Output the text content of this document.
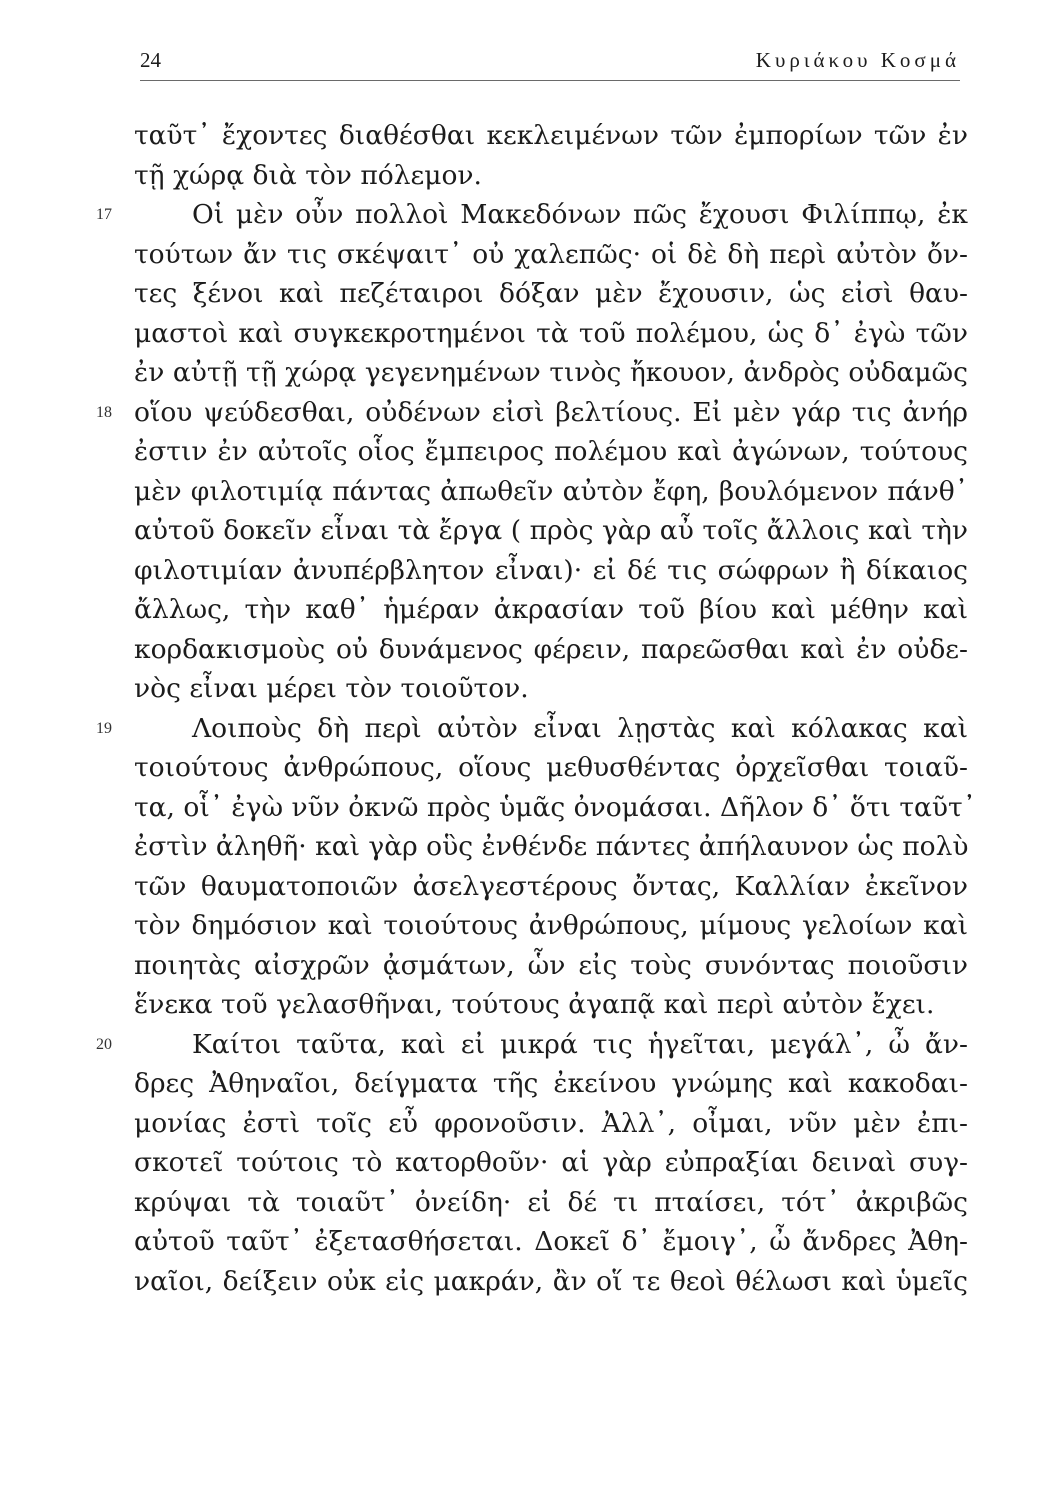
24	Κυριάκου Κοσμά
ταῦτ᾽ ἔχοντες διαθέσθαι κεκλειμένων τῶν ἐμπορίων τῶν ἐν
τῇ χώρᾳ διὰ τὸν πόλεμον.
17	Οἱ μὲν οὖν πολλοὶ Μακεδόνων πῶς ἔχουσι Φιλίππῳ, ἐκ
τούτων ἄν τις σκέψαιτ᾽ οὐ χαλεπῶς· οἱ δὲ δὴ περὶ αὐτὸν ὄν-
τες ξένοι καὶ πεζέταιροι δόξαν μὲν ἔχουσιν, ὡς εἰσὶ θαυ-
μαστοὶ καὶ συγκεκροτημένοι τὰ τοῦ πολέμου, ὡς δ᾽ ἐγὼ τῶν
ἐν αὐτῇ τῇ χώρᾳ γεγενημένων τινὸς ἤκουον, ἀνδρὸς οὐδαμῶς
18 οἵου ψεύδεσθαι, οὐδένων εἰσὶ βελτίους. Εἰ μὲν γάρ τις ἀνήρ
ἐστιν ἐν αὐτοῖς οἷος ἔμπειρος πολέμου καὶ ἀγώνων, τούτους
μὲν φιλοτιμίᾳ πάντας ἀπωθεῖν αὐτὸν ἔφη, βουλόμενον πάνθ᾽
αὐτοῦ δοκεῖν εἶναι τὰ ἔργα ( πρὸς γὰρ αὖ τοῖς ἄλλοις καὶ τὴν
φιλοτιμίαν ἀνυπέρβλητον εἶναι)· εἰ δέ τις σώφρων ἢ δίκαιος
ἄλλως, τὴν καθ᾽ ἡμέραν ἀκρασίαν τοῦ βίου καὶ μέθην καὶ
κορδακισμοὺς οὐ δυνάμενος φέρειν, παρεῶσθαι καὶ ἐν οὐδε-
νὸς εἶναι μέρει τὸν τοιοῦτον.
19	Λοιποὺς δὴ περὶ αὐτὸν εἶναι λῃστὰς καὶ κόλακας καὶ
τοιούτους ἀνθρώπους, οἵους μεθυσθέντας ὀρχεῖσθαι τοιαῦ-
τα, οἷ᾽ ἐγὼ νῦν ὀκνῶ πρὸς ὑμᾶς ὀνομάσαι. Δῆλον δ᾽ ὅτι ταῦτ᾽
ἐστὶν ἀληθῆ· καὶ γὰρ οὓς ἐνθένδε πάντες ἀπήλαυνον ὡς πολὺ
τῶν θαυματοποιῶν ἀσελγεστέρους ὄντας, Καλλίαν ἐκεῖνον
τὸν δημόσιον καὶ τοιούτους ἀνθρώπους, μίμους γελοίων καὶ
ποιητὰς αἰσχρῶν ᾀσμάτων, ὧν εἰς τοὺς συνόντας ποιοῦσιν
ἕνεκα τοῦ γελασθῆναι, τούτους ἀγαπᾷ καὶ περὶ αὐτὸν ἔχει.
20	Καίτοι ταῦτα, καὶ εἰ μικρά τις ἡγεῖται, μεγάλ᾽, ὦ ἄν-
δρες Ἀθηναῖοι, δείγματα τῆς ἐκείνου γνώμης καὶ κακοδαι-
μονίας ἐστὶ τοῖς εὖ φρονοῦσιν. Ἀλλ᾽, οἶμαι, νῦν μὲν ἐπι-
σκοτεῖ τούτοις τὸ κατορθοῦν· αἱ γὰρ εὐπραξίαι δειναὶ συγ-
κρύψαι τὰ τοιαῦτ᾽ ὀνείδη· εἰ δέ τι πταίσει, τότ᾽ ἀκριβῶς
αὐτοῦ ταῦτ᾽ ἐξετασθήσεται. Δοκεῖ δ᾽ ἔμοιγ᾽, ὦ ἄνδρες Ἀθη-
ναῖοι, δείξειν οὐκ εἰς μακράν, ἂν οἵ τε θεοὶ θέλωσι καὶ ὑμεῖς
